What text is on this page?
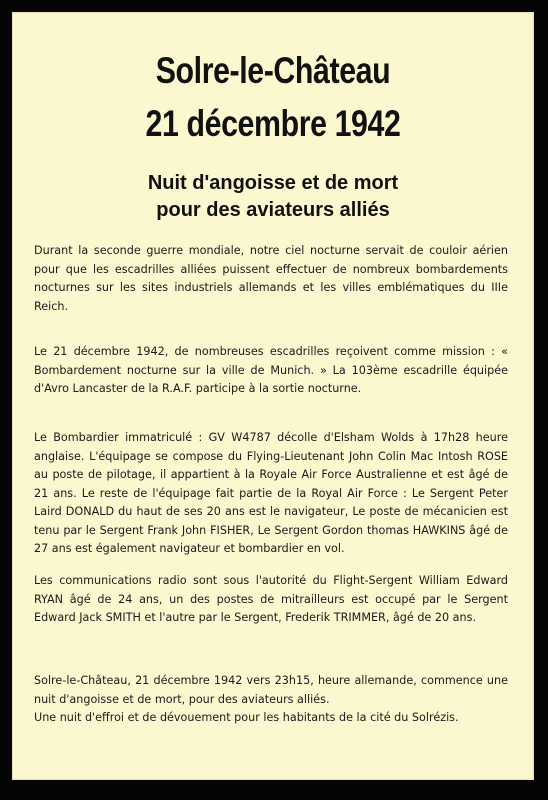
Solre-le-Château
21 décembre 1942
Nuit d'angoisse et de mort
pour des aviateurs alliés
Durant la seconde guerre mondiale, notre ciel nocturne servait de couloir aérien pour que les escadrilles alliées puissent effectuer de nombreux bombardements nocturnes sur les sites industriels allemands et les villes emblématiques du IIIe Reich.
Le 21 décembre 1942, de nombreuses escadrilles reçoivent comme mission : « Bombardement nocturne sur la ville de Munich. » La 103ème escadrille équipée d'Avro Lancaster de la R.A.F. participe à la sortie nocturne.
Le Bombardier immatriculé : GV W4787 décolle d'Elsham Wolds à 17h28 heure anglaise. L'équipage se compose du Flying-Lieutenant John Colin Mac Intosh ROSE au poste de pilotage, il appartient à la Royale Air Force Australienne et est âgé de 21 ans. Le reste de l'équipage fait partie de la Royal Air Force : Le Sergent Peter Laird DONALD du haut de ses 20 ans est le navigateur, Le poste de mécanicien est tenu par le Sergent Frank John FISHER, Le Sergent Gordon thomas HAWKINS âgé de 27 ans est également navigateur et bombardier en vol.
Les communications radio sont sous l'autorité du Flight-Sergent William Edward RYAN âgé de 24 ans, un des postes de mitrailleurs est occupé par le Sergent Edward Jack SMITH et l'autre par le Sergent, Frederik TRIMMER, âgé de 20 ans.
Solre-le-Château, 21 décembre 1942 vers 23h15, heure allemande, commence une nuit d'angoisse et de mort, pour des aviateurs alliés.
Une nuit d'effroi et de dévouement pour les habitants de la cité du Solrézis.
